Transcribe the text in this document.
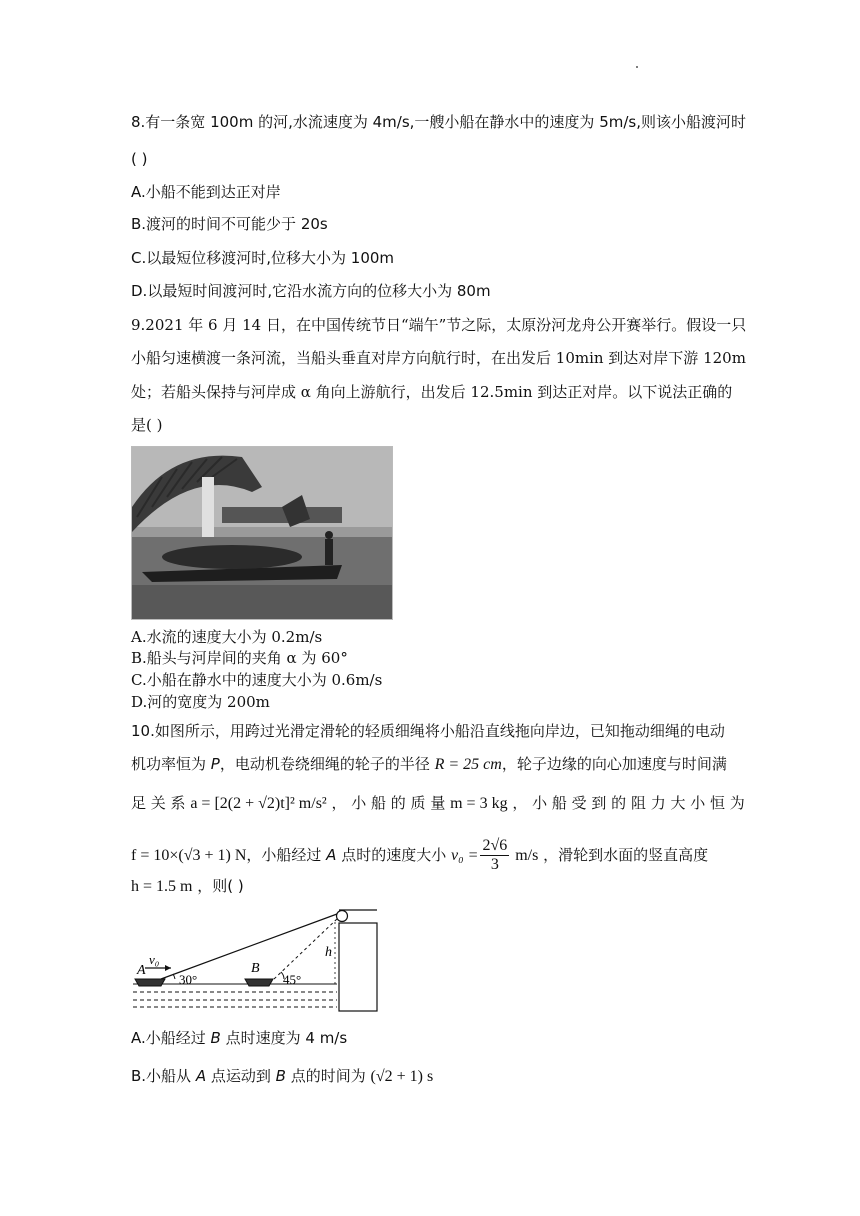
8.有一条宽 100m 的河,水流速度为 4m/s,一艘小船在静水中的速度为 5m/s,则该小船渡河时
( )
A.小船不能到达正对岸
B.渡河的时间不可能少于 20s
C.以最短位移渡河时,位移大小为 100m
D.以最短时间渡河时,它沿水流方向的位移大小为 80m
9.2021 年 6 月 14 日，在中国传统节日“端午”节之际，太原汾河龙舟公开赛举行。假设一只
小船匀速横渡一条河流，当船头垂直对岸方向航行时，在出发后 10min 到达对岸下游 120m
处；若船头保持与河岸成 α 角向上游航行，出发后 12.5min 到达正对岸。以下说法正确的
是( )
A.水流的速度大小为 0.2m/s
B.船头与河岸间的夹角 α 为 60°
C.小船在静水中的速度大小为 0.6m/s
D.河的宽度为 200m
10.如图所示，用跨过光滑定滑轮的轻质细绳将小船沿直线拖向岸边，已知拖动细绳的电动
机功率恒为 P，电动机卷绕细绳的轮子的半径 R = 25 cm，轮子边缘的向心加速度与时间满
足 关 系 a = [2(2 + √2)t]² m/s² ， 小 船 的 质 量 m = 3 kg ， 小 船 受 到 的 阻 力 大 小 恒 为
f = 10×(√3 + 1) N，小船经过 A 点时的速度大小 $v_0 = \frac{2√6}{3} m/s$ ，滑轮到水面的竖直高度
h = 1.5 m ，则( )
v₀
A
30°
B
45°
h
A.小船经过 B 点时速度为 4 m/s
B.小船从 A 点运动到 B 点的时间为 (√2 + 1) s
